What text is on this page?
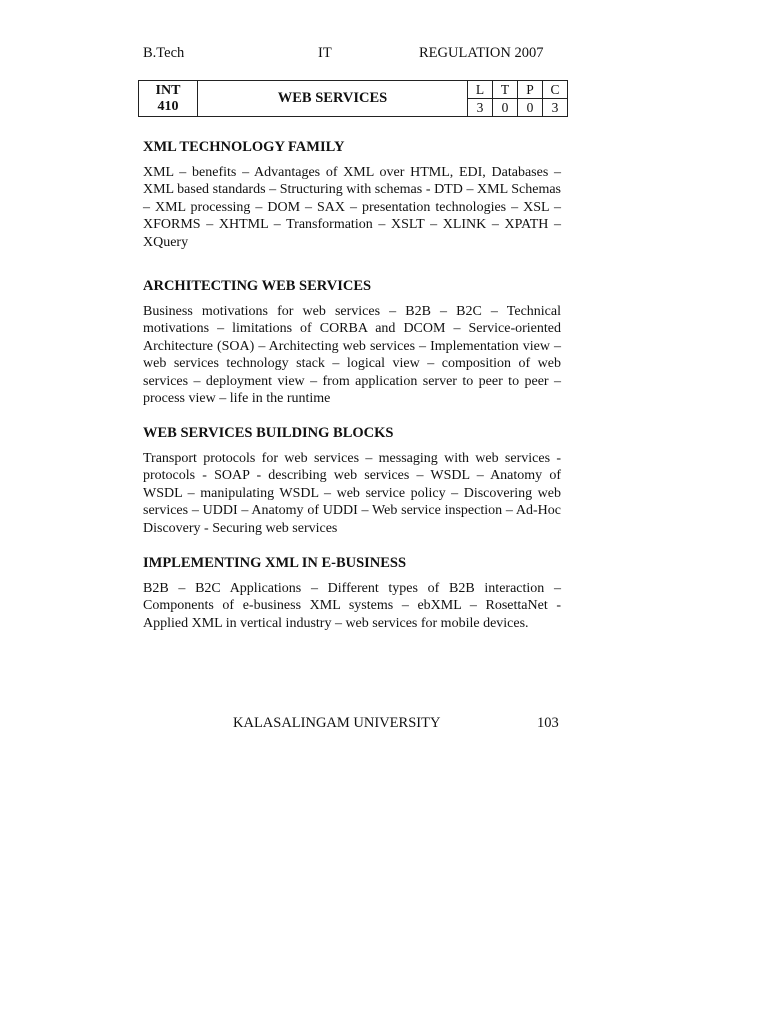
B.Tech	IT	REGULATION 2007
INT
410	WEB SERVICES	L	T	P	C
		3	0	0	3
XML TECHNOLOGY FAMILY
XML – benefits – Advantages of XML over HTML, EDI, Databases – XML based standards – Structuring with schemas - DTD – XML Schemas – XML processing – DOM – SAX – presentation technologies – XSL – XFORMS – XHTML – Transformation – XSLT – XLINK – XPATH – XQuery
ARCHITECTING WEB SERVICES
Business motivations for web services – B2B – B2C – Technical motivations – limitations of CORBA and DCOM – Service-oriented Architecture (SOA) – Architecting web services – Implementation view – web services technology stack – logical view – composition of web services – deployment view – from application server to peer to peer – process view – life in the runtime
WEB SERVICES BUILDING BLOCKS
Transport protocols for web services – messaging with web services - protocols - SOAP - describing web services – WSDL – Anatomy of WSDL – manipulating WSDL – web service policy – Discovering web services – UDDI – Anatomy of UDDI – Web service inspection – Ad-Hoc Discovery - Securing web services
IMPLEMENTING XML IN E-BUSINESS
B2B – B2C Applications – Different types of B2B interaction – Components of e-business XML systems – ebXML – RosettaNet - Applied XML in vertical industry – web services for mobile devices.
KALASALINGAM UNIVERSITY	103
